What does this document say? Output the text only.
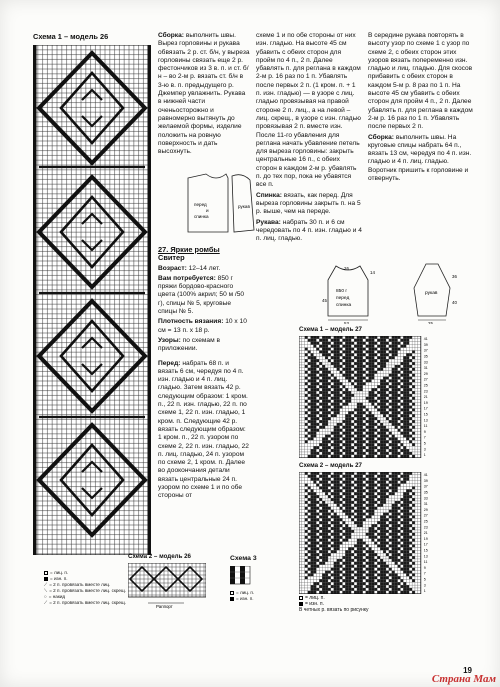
Схема 1 – модель 26	Сборка: выполнить швы. Вырез горловины и рукава обвязать 2 р. ст. б/н, у выреза горловины связать еще 2 р. фестончиков из 3 в. п. и ст. б/н – во 2-м р. вязать ст. б/н в 3-ю в. п. предыдущего р. Джемпер увлажнить. Рукава в нижней части оченьосторожно и равномерно вытянуть до желаемой формы, изделие положить на ровную поверхность и дать высохнуть.

перед
и
спинка
рукав

27. Яркие ромбы
Свитер

Возраст: 12–14 лет.

Вам потребуется: 850 г пряжи бордово-красного цвета (100% акрил; 50 м /50 г), спицы № 5, круговые спицы № 5.

Плотность вязания: 10 х 10 см = 13 п. х 18 р.

Узоры: по схемам в приложении.

Перед: набрать 68 п. и вязать 6 см, чередуя по 4 п. изн. гладью и 4 п. лиц. гладью. Затем вязать 42 р. следующим образом: 1 кром. п., 22 п. изн. гладью, 22 п. по схеме 1, 22 п. изн. гладью, 1 кром. п. Следующие 42 р. вязать следующим образом: 1 кром. п., 22 п. узором по схеме 2, 22 п. изн. гладью, 22 п. лиц. гладью, 24 п. узором по схеме 2, 1 кром. п. Далее во доокончания детали вязать центральные 24 п. узором по схеме 1 и по обе стороны от

схеме 1 и по обе стороны от них изн. гладью. На высоте 45 см убавить с обеих сторон для пройм по 4 п., 2 п. Далее убавлять п. для реглана в каждом 2-м р. 16 раз по 1 п. Убавлять после первых 2 п. (1 кром. п. + 1 п. изн. гладью) — в узоре с лиц. гладью провязывая на правой стороне 2 п. лиц., а на левой – лиц. скрещ., в узоре с изн. гладью провязывая 2 п. вместе изн. После 11-го убавления для реглана начать убавление петель для выреза горловины: закрыть центральные 16 п., с обеих сторон в каждом 2-м р. убавлять п. до тех пор, пока не убавятся все п.

Спинка: вязать, как перед. Для выреза горловины закрыть п. на 5 р. выше, чем на переде.

Рукава: набрать 30 п. и 6 см чередовать по 4 п. изн. гладью и 4 п. лиц. гладью.

В середине рукава повторять в высоту узор по схеме 1 с узор по схеме 2, с обеих сторон этих узоров вязать попеременно изн. гладью и лиц. гладью. Для скосов прибавить с обеих сторон в каждом 5-м р. 8 раз по 1 п. На высоте 45 см убавить с обеих сторон для пройм 4 п., 2 п. Далее убавлять п. для реглана в каждом 2-м р. 16 раз по 1 п. Убавлять после первых 2 п.

Сборка: выполнить швы. На круговые спицы набрать 64 п., вязать 13 см, чередуя по 4 п. изн. гладью и 4 п. лиц. гладью. Воротник пришить к горловине и отвернуть.

850 г
перед
спинка
рукав
53
26
45
14
36
40
25
Схема 1 – модель 27
41
39
37
35
33
31
29
27
25
23
21
19
17
15
13
11
9
7
5
3
1
Схема 2 – модель 27
41
39
37
35
33
31
29
27
25
23
21
19
17
15
13
11
9
7
5
3
1
= лиц. п.
= изн. п.
В четных р. вязать по рисунку
Схема 2 – модель 26
Раппорт
= лиц. п.
= изн. п.
⟋ = 2 п. провязать вместе лиц.
⟍ = 2 п. провязать вместе лиц. скрещ.
○ = накид
⟋ = 2 п. провязать вместе лиц. скрещ.
Схема 3
= лиц. п.
= изн. п.
19
Страна Мам
